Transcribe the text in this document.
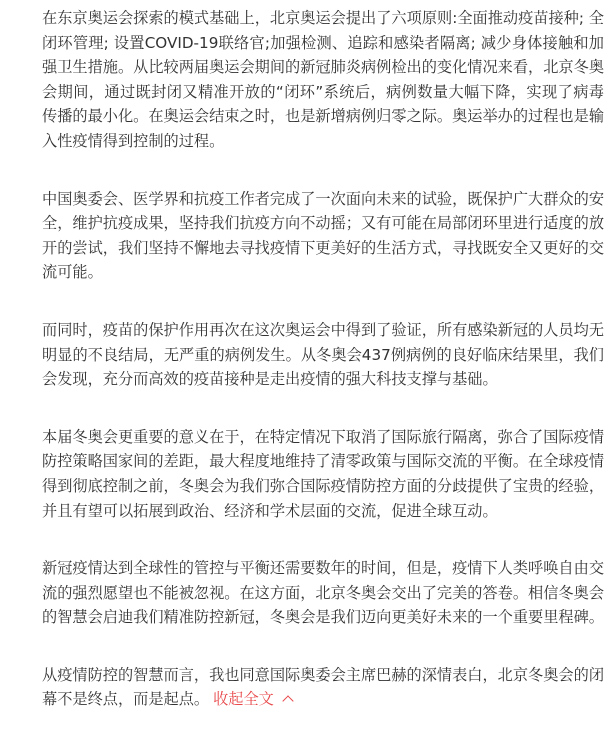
在东京奥运会探索的模式基础上，北京奥运会提出了六项原则:全面推动疫苗接种; 全闭环管理; 设置COVID-19联络官;加强检测、追踪和感染者隔离; 减少身体接触和加强卫生措施。从比较两届奥运会期间的新冠肺炎病例检出的变化情况来看，北京冬奥会期间，通过既封闭又精准开放的“闭环”系统后，病例数量大幅下降，实现了病毒传播的最小化。在奥运会结束之时，也是新增病例归零之际。奥运举办的过程也是输入性疫情得到控制的过程。

中国奥委会、医学界和抗疫工作者完成了一次面向未来的试验，既保护广大群众的安全，维护抗疫成果，坚持我们抗疫方向不动摇；又有可能在局部闭环里进行适度的放开的尝试，我们坚持不懈地去寻找疫情下更美好的生活方式，寻找既安全又更好的交流可能。

而同时，疫苗的保护作用再次在这次奥运会中得到了验证，所有感染新冠的人员均无明显的不良结局，无严重的病例发生。从冬奥会437例病例的良好临床结果里，我们会发现，充分而高效的疫苗接种是走出疫情的强大科技支撑与基础。

本届冬奥会更重要的意义在于，在特定情况下取消了国际旅行隔离，弥合了国际疫情防控策略国家间的差距，最大程度地维持了清零政策与国际交流的平衡。在全球疫情得到彻底控制之前，冬奥会为我们弥合国际疫情防控方面的分歧提供了宝贵的经验，并且有望可以拓展到政治、经济和学术层面的交流，促进全球互动。

新冠疫情达到全球性的管控与平衡还需要数年的时间，但是，疫情下人类呼唤自由交流的强烈愿望也不能被忽视。在这方面，北京冬奥会交出了完美的答卷。相信冬奥会的智慧会启迪我们精准防控新冠，冬奥会是我们迈向更美好未来的一个重要里程碑。

从疫情防控的智慧而言，我也同意国际奥委会主席巴赫的深情表白，北京冬奥会的闭幕不是终点，而是起点。 收起全文
